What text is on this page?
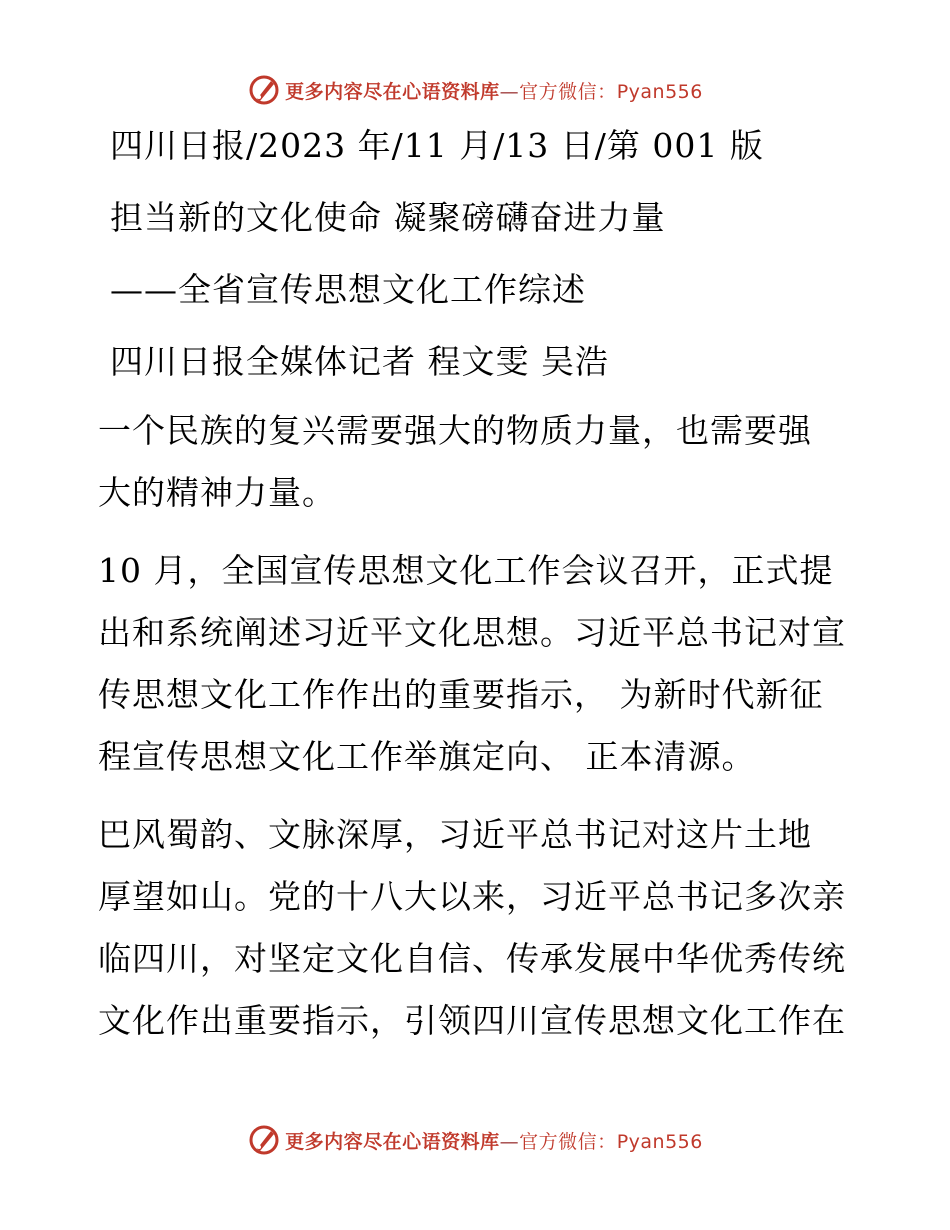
更多内容尽在心语资料库—官方微信：Pyan556
四川日报/2023 年/11 月/13 日/第 001 版
担当新的文化使命 凝聚磅礴奋进力量
——全省宣传思想文化工作综述
四川日报全媒体记者 程文雯 吴浩
一个民族的复兴需要强大的物质力量，也需要强
大的精神力量。
10 月，全国宣传思想文化工作会议召开，正式提
出和系统阐述习近平文化思想。习近平总书记对宣
传思想文化工作作出的重要指示， 为新时代新征
程宣传思想文化工作举旗定向、 正本清源。
巴风蜀韵、文脉深厚，习近平总书记对这片土地
厚望如山。党的十八大以来，习近平总书记多次亲
临四川，对坚定文化自信、传承发展中华优秀传统
文化作出重要指示，引领四川宣传思想文化工作在
更多内容尽在心语资料库—官方微信：Pyan556
